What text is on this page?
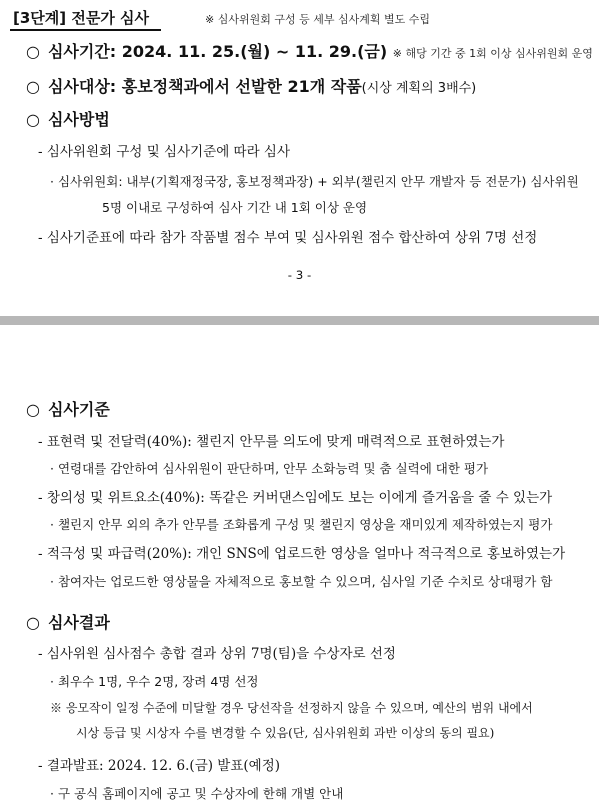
[3단계] 전문가 심사	※ 심사위원회 구성 등 세부 심사계획 별도 수립
○ 심사기간: 2024. 11. 25.(월) ~ 11. 29.(금) ※ 해당 기간 중 1회 이상 심사위원회 운영
○ 심사대상: 홍보정책과에서 선발한 21개 작품(시상 계획의 3배수)
○ 심사방법
- 심사위원회 구성 및 심사기준에 따라 심사
· 심사위원회: 내부(기획재정국장, 홍보정책과장) + 외부(챌린지 안무 개발자 등 전문가) 심사위원
5명 이내로 구성하여 심사 기간 내 1회 이상 운영
- 심사기준표에 따라 참가 작품별 점수 부여 및 심사위원 점수 합산하여 상위 7명 선정
- 3 -
○ 심사기준
- 표현력 및 전달력(40%): 챌린지 안무를 의도에 맞게 매력적으로 표현하였는가
· 연령대를 감안하여 심사위원이 판단하며, 안무 소화능력 및 춤 실력에 대한 평가
- 창의성 및 위트요소(40%): 똑같은 커버댄스임에도 보는 이에게 즐거움을 줄 수 있는가
· 챌린지 안무 외의 추가 안무를 조화롭게 구성 및 챌린지 영상을 재미있게 제작하였는지 평가
- 적극성 및 파급력(20%): 개인 SNS에 업로드한 영상을 얼마나 적극적으로 홍보하였는가
· 참여자는 업로드한 영상물을 자체적으로 홍보할 수 있으며, 심사일 기준 수치로 상대평가 함
○ 심사결과
- 심사위원 심사점수 총합 결과 상위 7명(팀)을 수상자로 선정
· 최우수 1명, 우수 2명, 장려 4명 선정
※ 응모작이 일정 수준에 미달할 경우 당선작을 선정하지 않을 수 있으며, 예산의 범위 내에서
시상 등급 및 시상자 수를 변경할 수 있음(단, 심사위원회 과반 이상의 동의 필요)
- 결과발표: 2024. 12. 6.(금) 발표(예정)
· 구 공식 홈페이지에 공고 및 수상자에 한해 개별 안내
